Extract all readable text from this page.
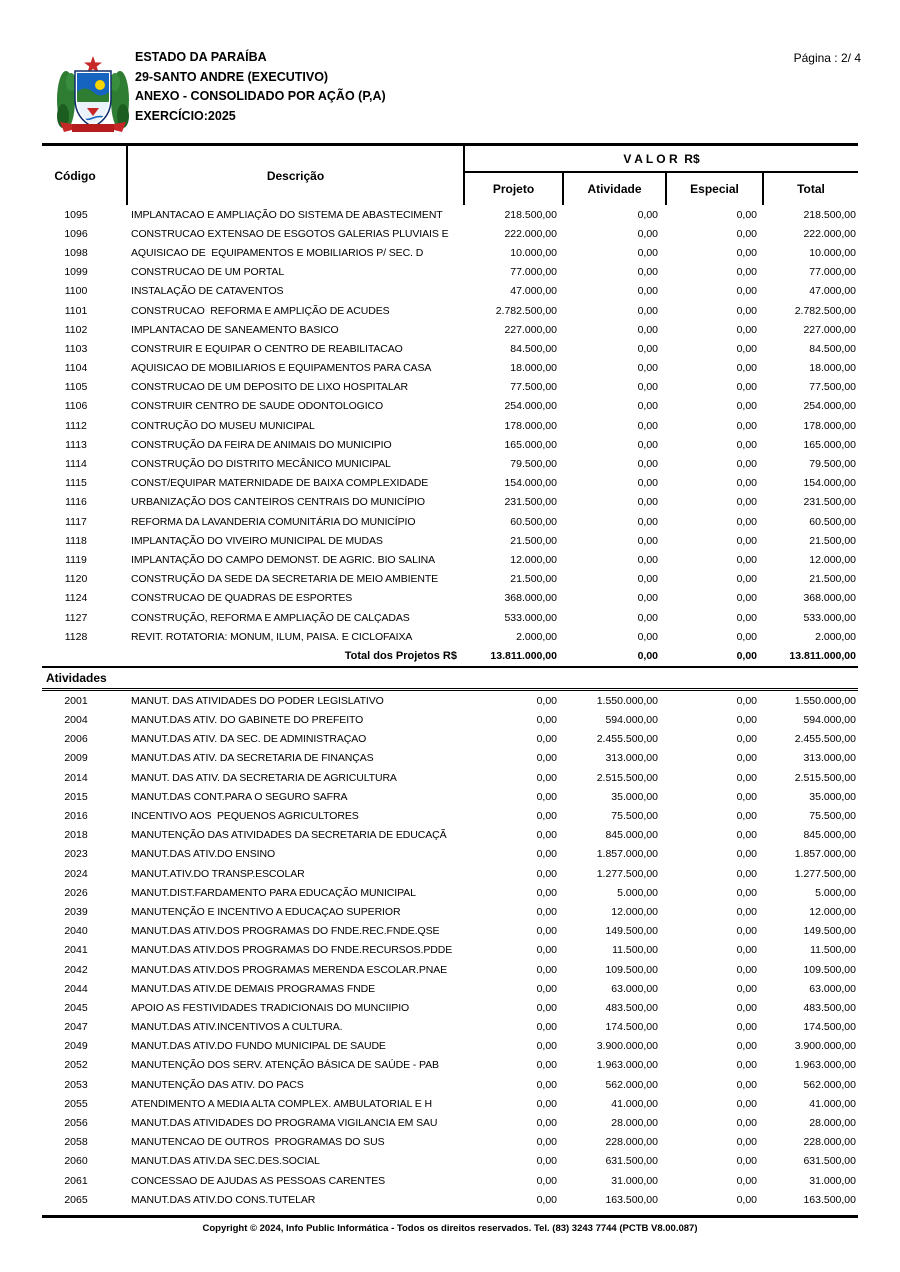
ESTADO DA PARAÍBA
29-SANTO ANDRE (EXECUTIVO)
ANEXO - CONSOLIDADO POR AÇÃO (P,A)
EXERCÍCIO:2025
Página : 2/ 4
Código	Descrição
V A L O R  R$
Projeto	Atividade	Especial	Total
1095	IMPLANTACAO E AMPLIAÇÃO DO SISTEMA DE ABASTECIMENT	218.500,00	0,00	0,00	218.500,00
1096	CONSTRUCAO EXTENSAO DE ESGOTOS GALERIAS PLUVIAIS E	222.000,00	0,00	0,00	222.000,00
1098	AQUISICAO DE  EQUIPAMENTOS E MOBILIARIOS P/ SEC. D	10.000,00	0,00	0,00	10.000,00
1099	CONSTRUCAO DE UM PORTAL	77.000,00	0,00	0,00	77.000,00
1100	INSTALAÇÃO DE CATAVENTOS	47.000,00	0,00	0,00	47.000,00
1101	CONSTRUCAO  REFORMA E AMPLIÇÃO DE ACUDES	2.782.500,00	0,00	0,00	2.782.500,00
1102	IMPLANTACAO DE SANEAMENTO BASICO	227.000,00	0,00	0,00	227.000,00
1103	CONSTRUIR E EQUIPAR O CENTRO DE REABILITACAO	84.500,00	0,00	0,00	84.500,00
1104	AQUISICAO DE MOBILIARIOS E EQUIPAMENTOS PARA CASA	18.000,00	0,00	0,00	18.000,00
1105	CONSTRUCAO DE UM DEPOSITO DE LIXO HOSPITALAR	77.500,00	0,00	0,00	77.500,00
1106	CONSTRUIR CENTRO DE SAUDE ODONTOLOGICO	254.000,00	0,00	0,00	254.000,00
1112	CONTRUÇÃO DO MUSEU MUNICIPAL	178.000,00	0,00	0,00	178.000,00
1113	CONSTRUÇÃO DA FEIRA DE ANIMAIS DO MUNICIPIO	165.000,00	0,00	0,00	165.000,00
1114	CONSTRUÇÃO DO DISTRITO MECÂNICO MUNICIPAL	79.500,00	0,00	0,00	79.500,00
1115	CONST/EQUIPAR MATERNIDADE DE BAIXA COMPLEXIDADE	154.000,00	0,00	0,00	154.000,00
1116	URBANIZAÇÃO DOS CANTEIROS CENTRAIS DO MUNICÍPIO	231.500,00	0,00	0,00	231.500,00
1117	REFORMA DA LAVANDERIA COMUNITÁRIA DO MUNICÍPIO	60.500,00	0,00	0,00	60.500,00
1118	IMPLANTAÇÃO DO VIVEIRO MUNICIPAL DE MUDAS	21.500,00	0,00	0,00	21.500,00
1119	IMPLANTAÇÃO DO CAMPO DEMONST. DE AGRIC. BIO SALINA	12.000,00	0,00	0,00	12.000,00
1120	CONSTRUÇÃO DA SEDE DA SECRETARIA DE MEIO AMBIENTE	21.500,00	0,00	0,00	21.500,00
1124	CONSTRUCAO DE QUADRAS DE ESPORTES	368.000,00	0,00	0,00	368.000,00
1127	CONSTRUÇÃO, REFORMA E AMPLIAÇÃO DE CALÇADAS	533.000,00	0,00	0,00	533.000,00
1128	REVIT. ROTATORIA: MONUM, ILUM, PAISA. E CICLOFAIXA	2.000,00	0,00	0,00	2.000,00
Total dos Projetos R$	13.811.000,00	0,00	0,00	13.811.000,00
Atividades
2001	MANUT. DAS ATIVIDADES DO PODER LEGISLATIVO	0,00	1.550.000,00	0,00	1.550.000,00
2004	MANUT.DAS ATIV. DO GABINETE DO PREFEITO	0,00	594.000,00	0,00	594.000,00
2006	MANUT.DAS ATIV. DA SEC. DE ADMINISTRAÇAO	0,00	2.455.500,00	0,00	2.455.500,00
2009	MANUT.DAS ATIV. DA SECRETARIA DE FINANÇAS	0,00	313.000,00	0,00	313.000,00
2014	MANUT. DAS ATIV. DA SECRETARIA DE AGRICULTURA	0,00	2.515.500,00	0,00	2.515.500,00
2015	MANUT.DAS CONT.PARA O SEGURO SAFRA	0,00	35.000,00	0,00	35.000,00
2016	INCENTIVO AOS  PEQUENOS AGRICULTORES	0,00	75.500,00	0,00	75.500,00
2018	MANUTENÇÃO DAS ATIVIDADES DA SECRETARIA DE EDUCAÇÃ	0,00	845.000,00	0,00	845.000,00
2023	MANUT.DAS ATIV.DO ENSINO	0,00	1.857.000,00	0,00	1.857.000,00
2024	MANUT.ATIV.DO TRANSP.ESCOLAR	0,00	1.277.500,00	0,00	1.277.500,00
2026	MANUT.DIST.FARDAMENTO PARA EDUCAÇÃO MUNICIPAL	0,00	5.000,00	0,00	5.000,00
2039	MANUTENÇÃO E INCENTIVO A EDUCAÇAO SUPERIOR	0,00	12.000,00	0,00	12.000,00
2040	MANUT.DAS ATIV.DOS PROGRAMAS DO FNDE.REC.FNDE.QSE	0,00	149.500,00	0,00	149.500,00
2041	MANUT.DAS ATIV.DOS PROGRAMAS DO FNDE.RECURSOS.PDDE	0,00	11.500,00	0,00	11.500,00
2042	MANUT.DAS ATIV.DOS PROGRAMAS MERENDA ESCOLAR.PNAE	0,00	109.500,00	0,00	109.500,00
2044	MANUT.DAS ATIV.DE DEMAIS PROGRAMAS FNDE	0,00	63.000,00	0,00	63.000,00
2045	APOIO AS FESTIVIDADES TRADICIONAIS DO MUNCIIPIO	0,00	483.500,00	0,00	483.500,00
2047	MANUT.DAS ATIV.INCENTIVOS A CULTURA.	0,00	174.500,00	0,00	174.500,00
2049	MANUT.DAS ATIV.DO FUNDO MUNICIPAL DE SAUDE	0,00	3.900.000,00	0,00	3.900.000,00
2052	MANUTENÇÃO DOS SERV. ATENÇÃO BÁSICA DE SAÚDE - PAB	0,00	1.963.000,00	0,00	1.963.000,00
2053	MANUTENÇÃO DAS ATIV. DO PACS	0,00	562.000,00	0,00	562.000,00
2055	ATENDIMENTO A MEDIA ALTA COMPLEX. AMBULATORIAL E H	0,00	41.000,00	0,00	41.000,00
2056	MANUT.DAS ATIVIDADES DO PROGRAMA VIGILANCIA EM SAU	0,00	28.000,00	0,00	28.000,00
2058	MANUTENCAO DE OUTROS  PROGRAMAS DO SUS	0,00	228.000,00	0,00	228.000,00
2060	MANUT.DAS ATIV.DA SEC.DES.SOCIAL	0,00	631.500,00	0,00	631.500,00
2061	CONCESSAO DE AJUDAS AS PESSOAS CARENTES	0,00	31.000,00	0,00	31.000,00
2065	MANUT.DAS ATIV.DO CONS.TUTELAR	0,00	163.500,00	0,00	163.500,00
Copyright © 2024, Info Public Informática - Todos os direitos reservados. Tel. (83) 3243 7744 (PCTB V8.00.087)
